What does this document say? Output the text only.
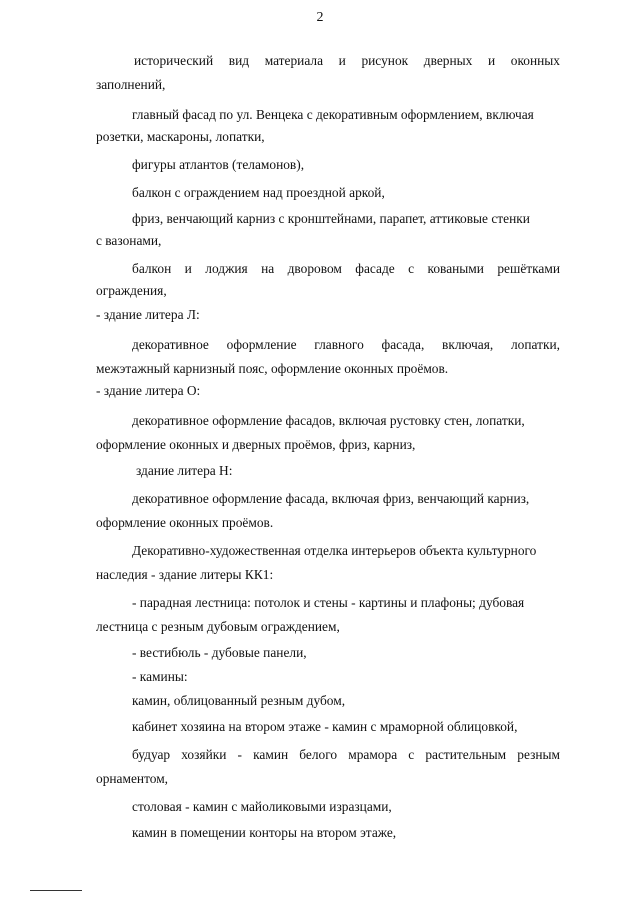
2
исторический вид материала и рисунок дверных и оконных
заполнений,
главный фасад по ул. Венцека с декоративным оформлением, включая
розетки, маскароны, лопатки,
фигуры атлантов (теламонов),
балкон с ограждением над проездной аркой,
фриз, венчающий карниз с кронштейнами, парапет, аттиковые стенки
с вазонами,
балкон и лоджия на дворовом фасаде с коваными решётками
ограждения,
- здание литера Л:
декоративное оформление главного фасада, включая, лопатки,
межэтажный карнизный пояс, оформление оконных проёмов.
- здание литера О:
декоративное оформление фасадов, включая рустовку стен, лопатки,
оформление оконных и дверных проёмов, фриз, карниз,
здание литера Н:
декоративное оформление фасада, включая фриз, венчающий карниз,
оформление оконных проёмов.
Декоративно-художественная отделка интерьеров объекта культурного
наследия - здание литеры КК1:
- парадная лестница: потолок и стены - картины и плафоны; дубовая
лестница с резным дубовым ограждением,
- вестибюль - дубовые панели,
- камины:
камин, облицованный резным дубом,
кабинет хозяина на втором этаже - камин с мраморной облицовкой,
будуар хозяйки - камин белого мрамора с растительным резным
орнаментом,
столовая - камин с майоликовыми изразцами,
камин в помещении конторы на втором этаже,
